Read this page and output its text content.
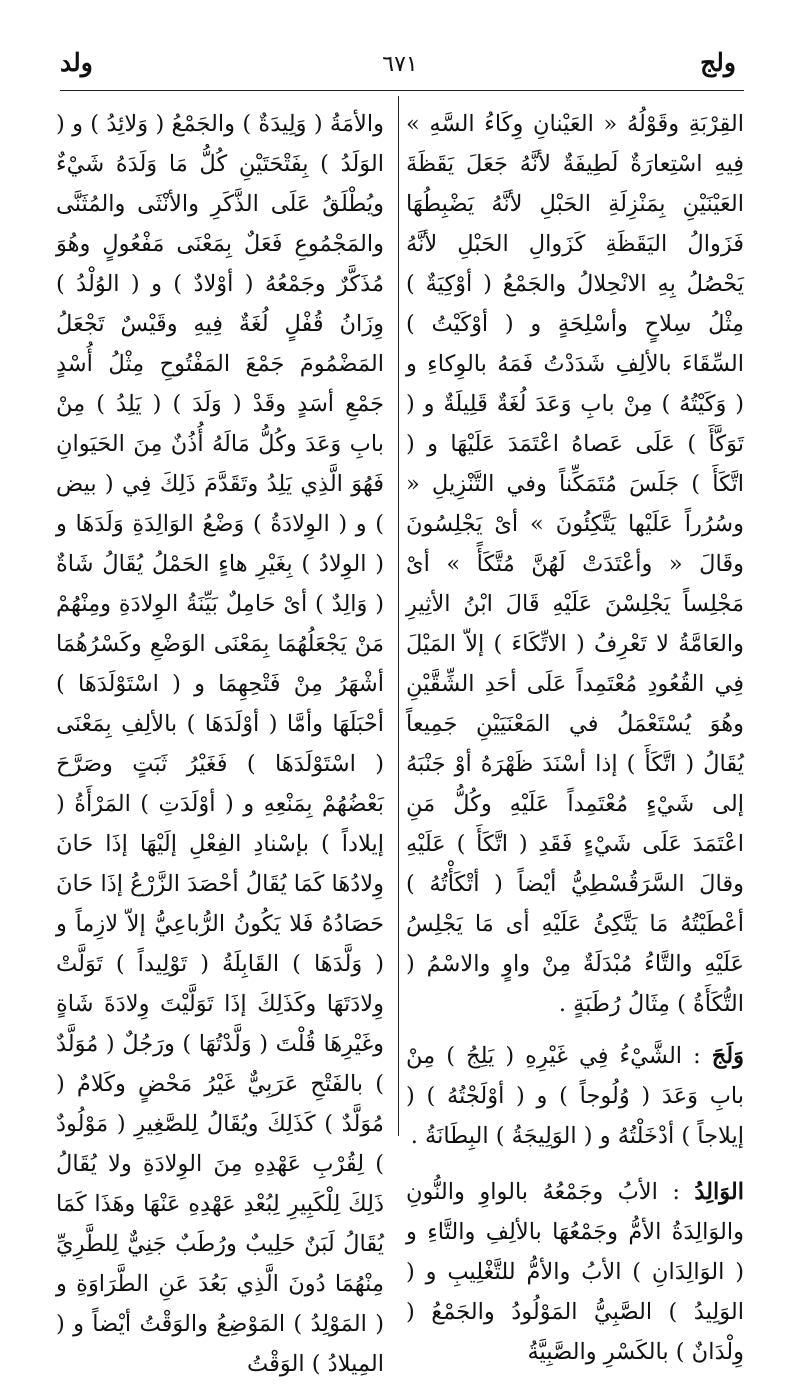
ولج
٦٧١
ولد

القِرْبَةِ وقَوْلُهُ « العَيْنانِ وِكَاءُ السَّهِ » فِيهِ اسْتِعارَةٌ لَطِيفَةٌ لأنَّهُ جَعَلَ يَقَظَةَ العَيْنَيْنِ بِمَنْزِلَةِ الحَبْلِ لأنَّهُ يَضْبِطُهَا فَزَوالُ اليَقَظَةِ كَزَوالِ الحَبْلِ لأنَّهُ يَحْصُلُ بِهِ الانْحِلالُ والجَمْعُ ( أوْكِيَةٌ ) مِثْلُ سِلاحٍ وأسْلِحَةٍ و ( أوْكَيْتُ ) السِّقَاءَ بالألِفِ شَدَدْتُ فَمَهُ بالوِكاءِ و ( وَكَيْتُهُ ) مِنْ بابِ وَعَدَ لُغَةٌ قَلِيلَةٌ و ( تَوَكَّأَ ) عَلَى عَصاهُ اعْتَمَدَ عَلَيْهَا و ( اتَّكَأَ ) جَلَسَ مُتَمَكِّناً وفي التَّنْزِيلِ « وسُرُراً عَلَيْها يَتَّكِئُونَ » أىْ يَجْلِسُونَ وقَالَ « وأعْتَدَتْ لَهُنَّ مُتَّكَأً » أىْ مَجْلِساً يَجْلِسْنَ عَلَيْهِ قَالَ ابْنُ الأثِيرِ والعَامَّةُ لا تَعْرِفُ ( الاتِّكَاءَ ) إلاّ المَيْلَ فِي القُعُودِ مُعْتَمِداً عَلَى أحَدِ الشِّقَّيْنِ وهُوَ يُسْتَعْمَلُ في المَعْنَيَيْنِ جَمِيعاً يُقَالُ ( اتَّكَأَ ) إذا أسْنَدَ ظَهْرَهُ أوْ جَنْبَهُ إلى شَيْءٍ مُعْتَمِداً عَلَيْهِ وكُلُّ مَنِ اعْتَمَدَ عَلَى شَيْءٍ فَقَدِ ( اتَّكَأَ ) عَلَيْهِ وقالَ السَّرَقُسْطِيُّ أيْضاً ( أتْكَأْتُهُ ) أعْطَيْتُهُ مَا يَتَّكِئُ عَلَيْهِ أى مَا يَجْلِسُ عَلَيْهِ والتَّاءُ مُبْدَلَةٌ مِنْ واوٍ والاسْمُ ( التُّكَأَةُ ) مِثَالُ رُطَبَةٍ .

وَلَجَ : الشَّيْءُ فِي غَيْرِهِ ( يَلِجُ ) مِنْ بابِ وَعَدَ ( وُلُوجاً ) و ( أوْلَجْتُهُ ) ( إيلاجاً ) أدْخَلْتُهُ و ( الوَلِيجَةُ ) البِطَانَةُ .

الوَالِدُ : الأبُ وجَمْعُهُ بالواوِ والنُّونِ والوَالِدَةُ الأمُّ وجَمْعُهَا بالألِفِ والتَّاءِ و ( الوَالِدَانِ ) الأبُ والأمُّ للتَّغْلِيبِ و ( الوَلِيدُ ) الصَّبِيُّ المَوْلُودُ والجَمْعُ ( وِلْدَانٌ ) بالكَسْرِ والصَّبِيَّةُ

والأمَةُ ( وَلِيدَةٌ ) والجَمْعُ ( وَلائِدُ ) و ( الوَلَدُ ) بِفَتْحَتَيْنِ كُلُّ مَا وَلَدَهُ شَيْءٌ ويُطْلَقُ عَلَى الذَّكَرِ والأنْثَى والمُثَنَّى والمَجْمُوعِ فَعَلٌ بِمَعْنَى مَفْعُولٍ وهُوَ مُذَكَّرٌ وجَمْعُهُ ( أوْلادٌ ) و ( الوُلْدُ ) وِزَانُ قُفْلٍ لُغَةٌ فِيهِ وقَيْسٌ تَجْعَلُ المَضْمُومَ جَمْعَ المَفْتُوحِ مِثْلُ أُسْدٍ جَمْعِ أسَدٍ وقَدْ ( وَلَدَ ) ( يَلِدُ ) مِنْ بابِ وَعَدَ وكُلُّ مَالَهُ أُذُنٌ مِنَ الحَيَوانِ فَهُوَ الَّذِي يَلِدُ وتَقَدَّمَ ذَلِكَ فِي ( بيض ) و ( الوِلادَةُ ) وَضْعُ الوَالِدَةِ وَلَدَهَا و ( الوِلادُ ) بِغَيْرِ هاءٍ الحَمْلُ يُقَالُ شَاةٌ ( وَالِدٌ ) أىْ حَامِلٌ بَيِّنَةُ الوِلادَةِ ومِنْهُمْ مَنْ يَجْعَلُهُمَا بِمَعْنَى الوَضْعِ وكَسْرُهُمَا أشْهَرُ مِنْ فَتْحِهِمَا و ( اسْتَوْلَدَهَا ) أحْبَلَهَا وأمَّا ( أوْلَدَهَا ) بالألِفِ بِمَعْنَى ( اسْتَوْلَدَهَا ) فَغَيْرُ ثَبَتٍ وصَرَّحَ بَعْضُهُمْ بِمَنْعِهِ و ( أوْلَدَتِ ) المَرْأَةُ ( إيلاداً ) بإسْنادِ الفِعْلِ إلَيْهَا إذَا حَانَ وِلادُهَا كَمَا يُقَالُ أحْصَدَ الزَّرْعُ إذَا حَانَ حَصَادُهُ فَلا يَكُونُ الرُّباعِيُّ إلاّ لازِماً و ( وَلَّدَهَا ) القَابِلَةُ ( تَوْلِيداً ) تَوَلَّتْ وِلادَتَهَا وكَذَلِكَ إذَا تَوَلَّيْتَ وِلادَةَ شَاةٍ وغَيْرِهَا قُلْتَ ( وَلَّدْتُهَا ) ورَجُلٌ ( مُوَلَّدٌ ) بالفَتْحِ عَرَبِيٌّ غَيْرُ مَحْضٍ وكَلامٌ ( مُوَلَّدٌ ) كَذَلِكَ ويُقَالُ لِلصَّغِيرِ ( مَوْلُودٌ ) لِقُرْبِ عَهْدِهِ مِنَ الوِلادَةِ ولا يُقَالُ ذَلِكَ لِلْكَبِيرِ لِبُعْدِ عَهْدِهِ عَنْهَا وهَذَا كَمَا يُقَالُ لَبَنٌ حَلِيبٌ ورُطَبٌ جَنِيٌّ لِلطَّرِيِّ مِنْهُمَا دُونَ الَّذِي بَعُدَ عَنِ الطَّرَاوَةِ و ( المَوْلِدُ ) المَوْضِعُ والوَقْتُ أيْضاً و ( المِيلادُ ) الوَقْتُ
